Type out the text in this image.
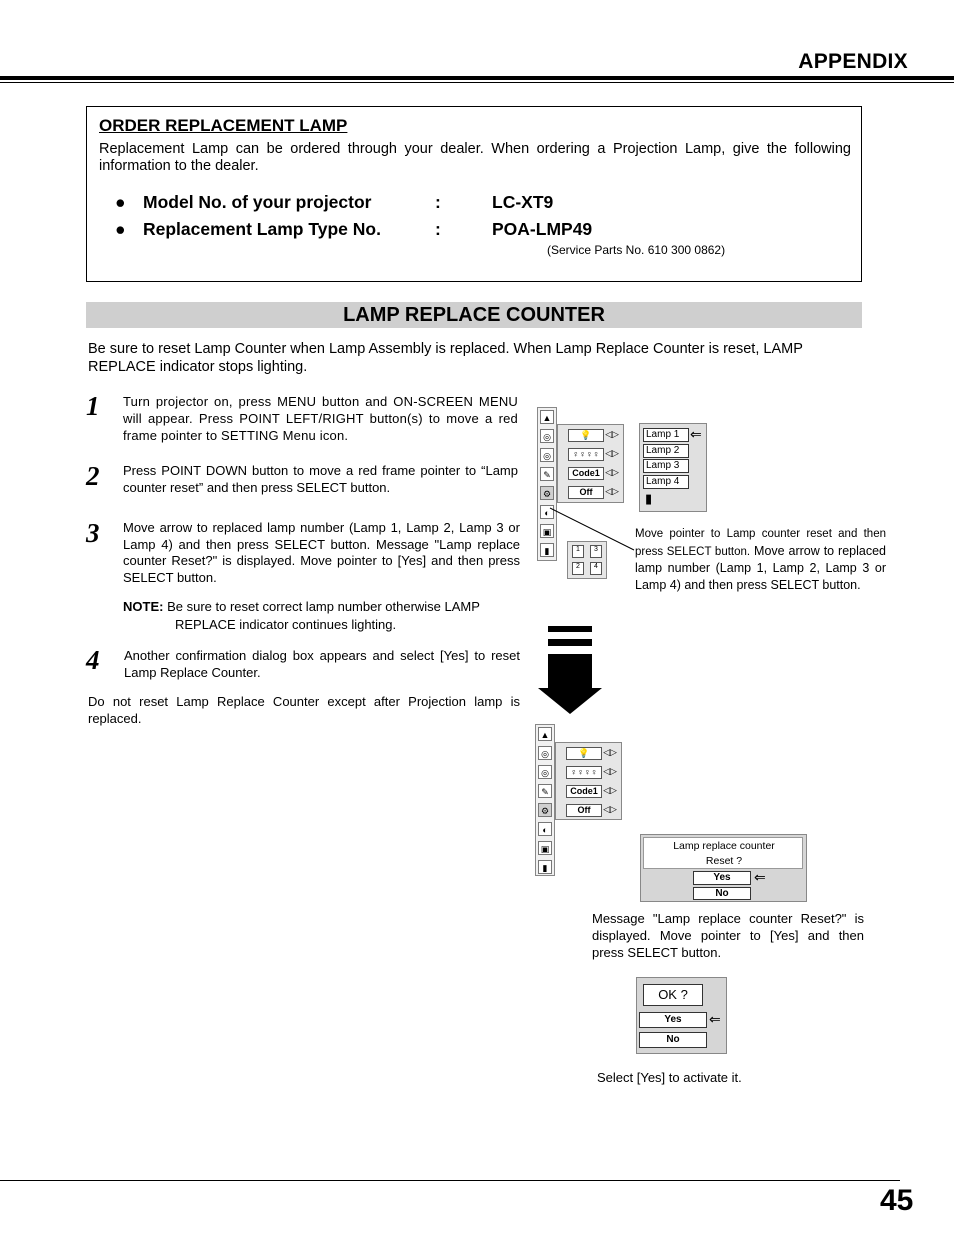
APPENDIX
ORDER REPLACEMENT LAMP
Replacement Lamp can be ordered through your dealer. When ordering a Projection Lamp, give the following information to the dealer.
● Model No. of your projector	:	LC-XT9
● Replacement Lamp Type No.	:	POA-LMP49
(Service Parts No. 610 300 0862)
LAMP REPLACE COUNTER
Be sure to reset Lamp Counter when Lamp Assembly is replaced. When Lamp Replace Counter is reset, LAMP REPLACE indicator stops lighting.
1 Turn projector on, press MENU button and ON-SCREEN MENU will appear. Press POINT LEFT/RIGHT button(s) to move a red frame pointer to SETTING Menu icon.
2 Press POINT DOWN button to move a red frame pointer to “Lamp counter reset” and then press SELECT button.
3 Move arrow to replaced lamp number (Lamp 1, Lamp 2, Lamp 3 or Lamp 4) and then press SELECT button. Message "Lamp replace counter Reset?" is displayed. Move pointer to [Yes] and then press SELECT button.
NOTE: Be sure to reset correct lamp number otherwise LAMP
REPLACE indicator continues lighting.
4 Another confirmation dialog box appears and select [Yes] to reset Lamp Replace Counter.
Do not reset Lamp Replace Counter except after Projection lamp is replaced.
▲
◎
◎
✎
⚙
◐
▣
▮
💡	◁▷
♀♀♀♀ ◁▷
Code1 ◁▷
Off	◁▷
1	3
2	4
Lamp 1 ⇐
Lamp 2
Lamp 3
Lamp 4
▮
Move pointer to Lamp counter reset and then press SELECT button. Move arrow to replaced lamp number (Lamp 1, Lamp 2, Lamp 3 or Lamp 4) and then press SELECT button.
▲
◎
◎
✎
⚙
◐
▣
▮
💡	◁▷
♀♀♀♀ ◁▷
Code1 ◁▷
Off	◁▷
Lamp replace counter
Reset ?
Yes	⇐
No
Message "Lamp replace counter Reset?" is displayed. Move pointer to [Yes] and then press SELECT button.
OK ?
Yes	⇐
No
Select [Yes] to activate it.
45
